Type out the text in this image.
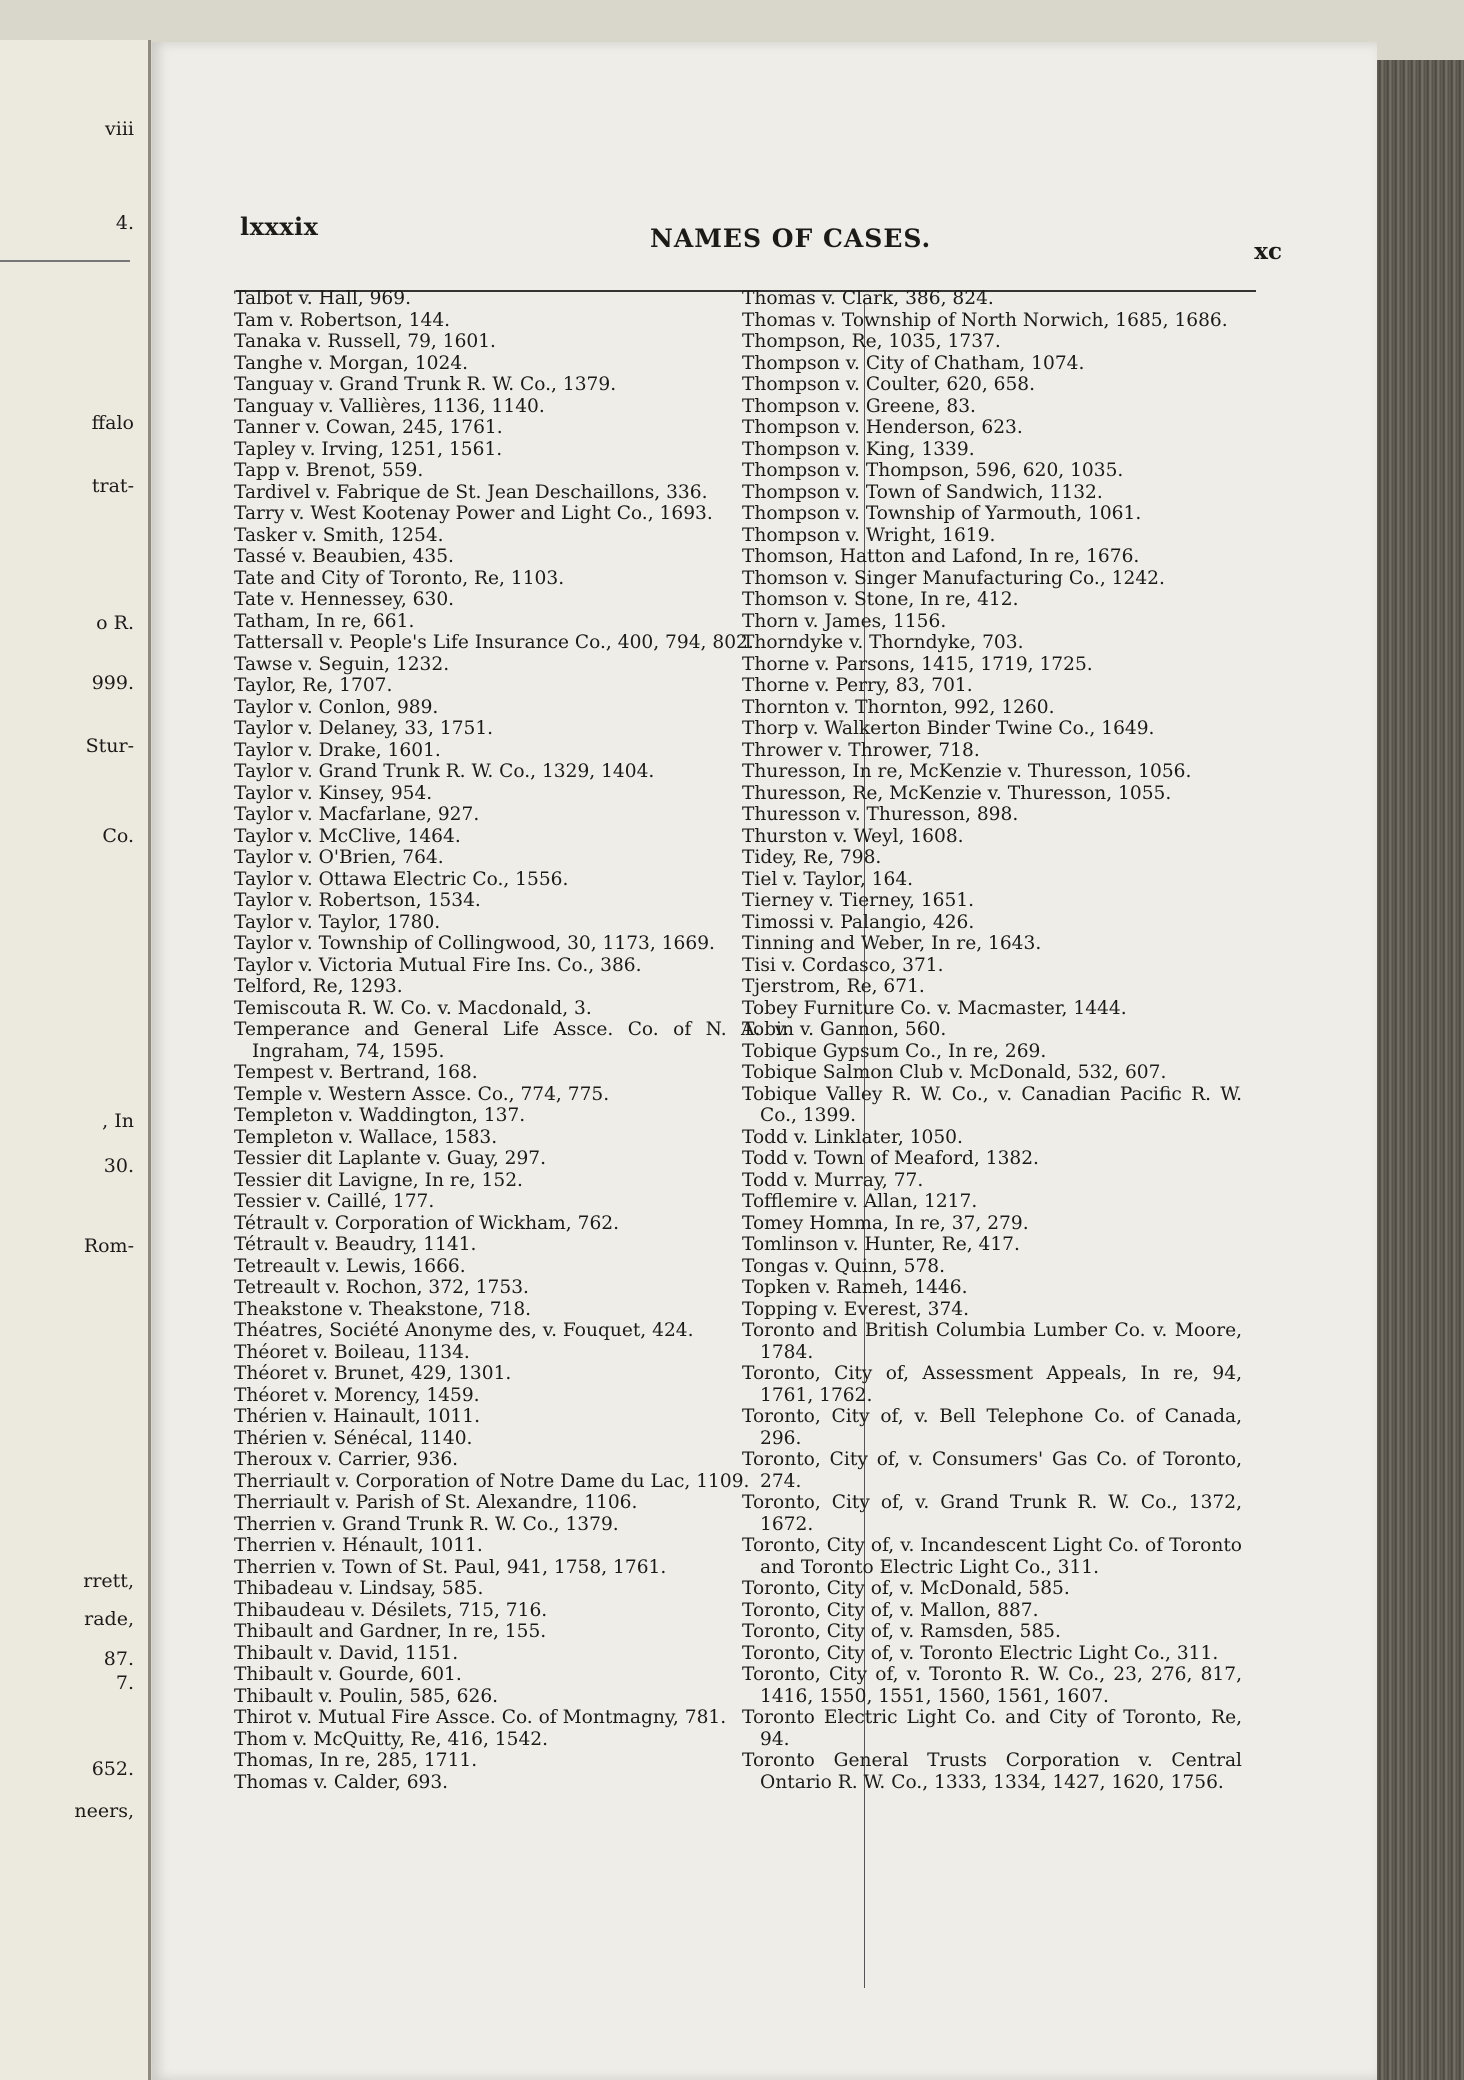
viii
4.
ffalo
trat-
o R.
999.
Stur-
Co.
, In
30.
Rom-
rrett,
rade,
87.
7.
652.
neers,
lxxxix	NAMES OF CASES.	xc
Talbot v. Hall, 969.
Tam v. Robertson, 144.
Tanaka v. Russell, 79, 1601.
Tanghe v. Morgan, 1024.
Tanguay v. Grand Trunk R. W. Co., 1379.
Tanguay v. Vallières, 1136, 1140.
Tanner v. Cowan, 245, 1761.
Tapley v. Irving, 1251, 1561.
Tapp v. Brenot, 559.
Tardivel v. Fabrique de St. Jean Deschaillons, 336.
Tarry v. West Kootenay Power and Light Co., 1693.
Tasker v. Smith, 1254.
Tassé v. Beaubien, 435.
Tate and City of Toronto, Re, 1103.
Tate v. Hennessey, 630.
Tatham, In re, 661.
Tattersall v. People's Life Insurance Co., 400, 794, 802.
Tawse v. Seguin, 1232.
Taylor, Re, 1707.
Taylor v. Conlon, 989.
Taylor v. Delaney, 33, 1751.
Taylor v. Drake, 1601.
Taylor v. Grand Trunk R. W. Co., 1329, 1404.
Taylor v. Kinsey, 954.
Taylor v. Macfarlane, 927.
Taylor v. McClive, 1464.
Taylor v. O'Brien, 764.
Taylor v. Ottawa Electric Co., 1556.
Taylor v. Robertson, 1534.
Taylor v. Taylor, 1780.
Taylor v. Township of Collingwood, 30, 1173, 1669.
Taylor v. Victoria Mutual Fire Ins. Co., 386.
Telford, Re, 1293.
Temiscouta R. W. Co. v. Macdonald, 3.
Temperance and General Life Assce. Co. of N. A. v. Ingraham, 74, 1595.
Tempest v. Bertrand, 168.
Temple v. Western Assce. Co., 774, 775.
Templeton v. Waddington, 137.
Templeton v. Wallace, 1583.
Tessier dit Laplante v. Guay, 297.
Tessier dit Lavigne, In re, 152.
Tessier v. Caillé, 177.
Tétrault v. Corporation of Wickham, 762.
Tétrault v. Beaudry, 1141.
Tetreault v. Lewis, 1666.
Tetreault v. Rochon, 372, 1753.
Theakstone v. Theakstone, 718.
Théatres, Société Anonyme des, v. Fouquet, 424.
Théoret v. Boileau, 1134.
Théoret v. Brunet, 429, 1301.
Théoret v. Morency, 1459.
Thérien v. Hainault, 1011.
Thérien v. Sénécal, 1140.
Theroux v. Carrier, 936.
Therriault v. Corporation of Notre Dame du Lac, 1109.
Therriault v. Parish of St. Alexandre, 1106.
Therrien v. Grand Trunk R. W. Co., 1379.
Therrien v. Hénault, 1011.
Therrien v. Town of St. Paul, 941, 1758, 1761.
Thibadeau v. Lindsay, 585.
Thibaudeau v. Désilets, 715, 716.
Thibault and Gardner, In re, 155.
Thibault v. David, 1151.
Thibault v. Gourde, 601.
Thibault v. Poulin, 585, 626.
Thirot v. Mutual Fire Assce. Co. of Montmagny, 781.
Thom v. McQuitty, Re, 416, 1542.
Thomas, In re, 285, 1711.
Thomas v. Calder, 693.
Thomas v. Clark, 386, 824.
Thomas v. Township of North Norwich, 1685, 1686.
Thompson, Re, 1035, 1737.
Thompson v. City of Chatham, 1074.
Thompson v. Coulter, 620, 658.
Thompson v. Greene, 83.
Thompson v. Henderson, 623.
Thompson v. King, 1339.
Thompson v. Thompson, 596, 620, 1035.
Thompson v. Town of Sandwich, 1132.
Thompson v. Township of Yarmouth, 1061.
Thompson v. Wright, 1619.
Thomson, Hatton and Lafond, In re, 1676.
Thomson v. Singer Manufacturing Co., 1242.
Thomson v. Stone, In re, 412.
Thorn v. James, 1156.
Thorndyke v. Thorndyke, 703.
Thorne v. Parsons, 1415, 1719, 1725.
Thorne v. Perry, 83, 701.
Thornton v. Thornton, 992, 1260.
Thorp v. Walkerton Binder Twine Co., 1649.
Thrower v. Thrower, 718.
Thuresson, In re, McKenzie v. Thuresson, 1056.
Thuresson, Re, McKenzie v. Thuresson, 1055.
Thuresson v. Thuresson, 898.
Thurston v. Weyl, 1608.
Tidey, Re, 798.
Tiel v. Taylor, 164.
Tierney v. Tierney, 1651.
Timossi v. Palangio, 426.
Tinning and Weber, In re, 1643.
Tisi v. Cordasco, 371.
Tjerstrom, Re, 671.
Tobey Furniture Co. v. Macmaster, 1444.
Tobin v. Gannon, 560.
Tobique Gypsum Co., In re, 269.
Tobique Salmon Club v. McDonald, 532, 607.
Tobique Valley R. W. Co., v. Canadian Pacific R. W. Co., 1399.
Todd v. Linklater, 1050.
Todd v. Town of Meaford, 1382.
Todd v. Murray, 77.
Tofflemire v. Allan, 1217.
Tomey Homma, In re, 37, 279.
Tomlinson v. Hunter, Re, 417.
Tongas v. Quinn, 578.
Topken v. Rameh, 1446.
Topping v. Everest, 374.
Toronto and British Columbia Lumber Co. v. Moore, 1784.
Toronto, City of, Assessment Appeals, In re, 94, 1761, 1762.
Toronto, City of, v. Bell Telephone Co. of Canada, 296.
Toronto, City of, v. Consumers' Gas Co. of Toronto, 274.
Toronto, City of, v. Grand Trunk R. W. Co., 1372, 1672.
Toronto, City of, v. Incandescent Light Co. of Toronto and Toronto Electric Light Co., 311.
Toronto, City of, v. McDonald, 585.
Toronto, City of, v. Mallon, 887.
Toronto, City of, v. Ramsden, 585.
Toronto, City of, v. Toronto Electric Light Co., 311.
Toronto, City of, v. Toronto R. W. Co., 23, 276, 817, 1416, 1550, 1551, 1560, 1561, 1607.
Toronto Electric Light Co. and City of Toronto, Re, 94.
Toronto General Trusts Corporation v. Central Ontario R. W. Co., 1333, 1334, 1427, 1620, 1756.
